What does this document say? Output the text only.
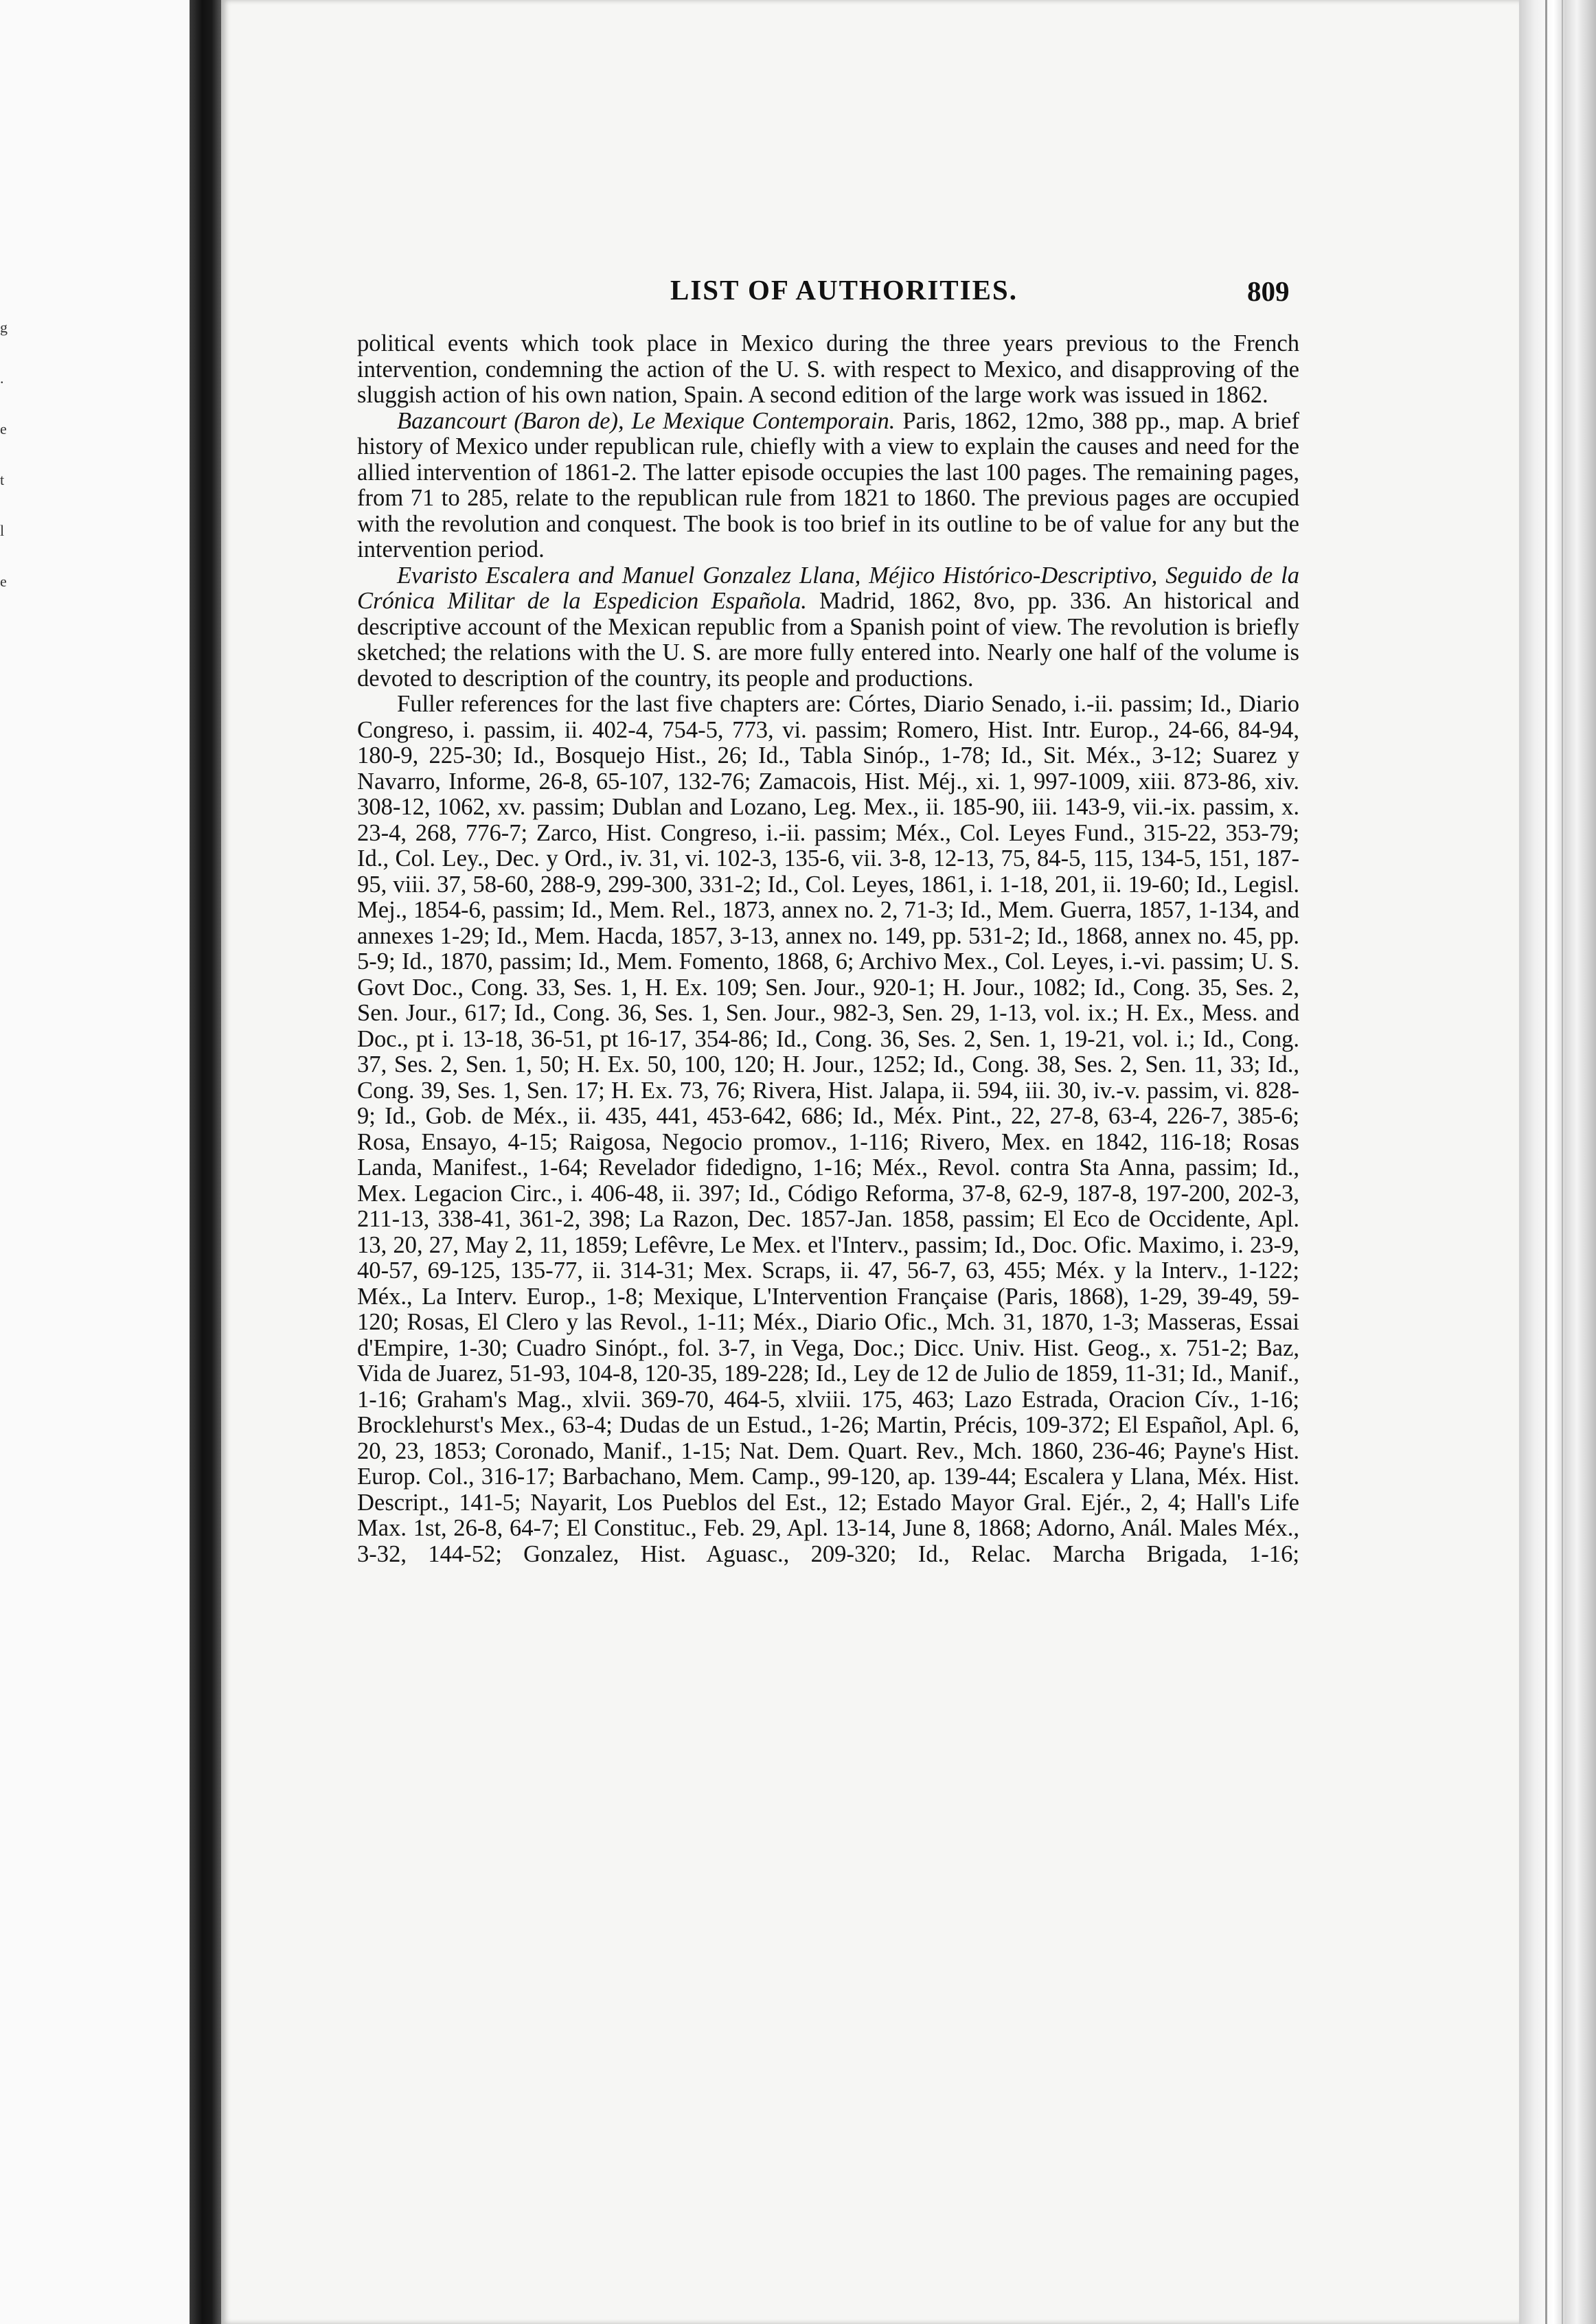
g
.
e
t
l
e
LIST OF AUTHORITIES.	809

political events which took place in Mexico during the three years previous to the French intervention, condemning the action of the U. S. with respect to Mexico, and disapproving of the sluggish action of his own nation, Spain. A second edition of the large work was issued in 1862.

Bazancourt (Baron de), Le Mexique Contemporain. Paris, 1862, 12mo, 388 pp., map. A brief history of Mexico under republican rule, chiefly with a view to explain the causes and need for the allied intervention of 1861-2. The latter episode occupies the last 100 pages. The remaining pages, from 71 to 285, relate to the republican rule from 1821 to 1860. The previous pages are occupied with the revolution and conquest. The book is too brief in its outline to be of value for any but the intervention period.

Evaristo Escalera and Manuel Gonzalez Llana, Méjico Histórico-Descriptivo, Seguido de la Crónica Militar de la Espedicion Española. Madrid, 1862, 8vo, pp. 336. An historical and descriptive account of the Mexican republic from a Spanish point of view. The revolution is briefly sketched; the relations with the U. S. are more fully entered into. Nearly one half of the volume is devoted to description of the country, its people and productions.

Fuller references for the last five chapters are: Córtes, Diario Senado, i.-ii. passim; Id., Diario Congreso, i. passim, ii. 402-4, 754-5, 773, vi. passim; Romero, Hist. Intr. Europ., 24-66, 84-94, 180-9, 225-30; Id., Bosquejo Hist., 26; Id., Tabla Sinóp., 1-78; Id., Sit. Méx., 3-12; Suarez y Navarro, Informe, 26-8, 65-107, 132-76; Zamacois, Hist. Méj., xi. 1, 997-1009, xiii. 873-86, xiv. 308-12, 1062, xv. passim; Dublan and Lozano, Leg. Mex., ii. 185-90, iii. 143-9, vii.-ix. passim, x. 23-4, 268, 776-7; Zarco, Hist. Congreso, i.-ii. passim; Méx., Col. Leyes Fund., 315-22, 353-79; Id., Col. Ley., Dec. y Ord., iv. 31, vi. 102-3, 135-6, vii. 3-8, 12-13, 75, 84-5, 115, 134-5, 151, 187-95, viii. 37, 58-60, 288-9, 299-300, 331-2; Id., Col. Leyes, 1861, i. 1-18, 201, ii. 19-60; Id., Legisl. Mej., 1854-6, passim; Id., Mem. Rel., 1873, annex no. 2, 71-3; Id., Mem. Guerra, 1857, 1-134, and annexes 1-29; Id., Mem. Hacda, 1857, 3-13, annex no. 149, pp. 531-2; Id., 1868, annex no. 45, pp. 5-9; Id., 1870, passim; Id., Mem. Fomento, 1868, 6; Archivo Mex., Col. Leyes, i.-vi. passim; U. S. Govt Doc., Cong. 33, Ses. 1, H. Ex. 109; Sen. Jour., 920-1; H. Jour., 1082; Id., Cong. 35, Ses. 2, Sen. Jour., 617; Id., Cong. 36, Ses. 1, Sen. Jour., 982-3, Sen. 29, 1-13, vol. ix.; H. Ex., Mess. and Doc., pt i. 13-18, 36-51, pt 16-17, 354-86; Id., Cong. 36, Ses. 2, Sen. 1, 19-21, vol. i.; Id., Cong. 37, Ses. 2, Sen. 1, 50; H. Ex. 50, 100, 120; H. Jour., 1252; Id., Cong. 38, Ses. 2, Sen. 11, 33; Id., Cong. 39, Ses. 1, Sen. 17; H. Ex. 73, 76; Rivera, Hist. Jalapa, ii. 594, iii. 30, iv.-v. passim, vi. 828-9; Id., Gob. de Méx., ii. 435, 441, 453-642, 686; Id., Méx. Pint., 22, 27-8, 63-4, 226-7, 385-6; Rosa, Ensayo, 4-15; Raigosa, Negocio promov., 1-116; Rivero, Mex. en 1842, 116-18; Rosas Landa, Manifest., 1-64; Revelador fidedigno, 1-16; Méx., Revol. contra Sta Anna, passim; Id., Mex. Legacion Circ., i. 406-48, ii. 397; Id., Código Reforma, 37-8, 62-9, 187-8, 197-200, 202-3, 211-13, 338-41, 361-2, 398; La Razon, Dec. 1857-Jan. 1858, passim; El Eco de Occidente, Apl. 13, 20, 27, May 2, 11, 1859; Lefêvre, Le Mex. et l'Interv., passim; Id., Doc. Ofic. Maximo, i. 23-9, 40-57, 69-125, 135-77, ii. 314-31; Mex. Scraps, ii. 47, 56-7, 63, 455; Méx. y la Interv., 1-122; Méx., La Interv. Europ., 1-8; Mexique, L'Intervention Française (Paris, 1868), 1-29, 39-49, 59-120; Rosas, El Clero y las Revol., 1-11; Méx., Diario Ofic., Mch. 31, 1870, 1-3; Masseras, Essai d'Empire, 1-30; Cuadro Sinópt., fol. 3-7, in Vega, Doc.; Dicc. Univ. Hist. Geog., x. 751-2; Baz, Vida de Juarez, 51-93, 104-8, 120-35, 189-228; Id., Ley de 12 de Julio de 1859, 11-31; Id., Manif., 1-16; Graham's Mag., xlvii. 369-70, 464-5, xlviii. 175, 463; Lazo Estrada, Oracion Cív., 1-16; Brocklehurst's Mex., 63-4; Dudas de un Estud., 1-26; Martin, Précis, 109-372; El Español, Apl. 6, 20, 23, 1853; Coronado, Manif., 1-15; Nat. Dem. Quart. Rev., Mch. 1860, 236-46; Payne's Hist. Europ. Col., 316-17; Barbachano, Mem. Camp., 99-120, ap. 139-44; Escalera y Llana, Méx. Hist. Descript., 141-5; Nayarit, Los Pueblos del Est., 12; Estado Mayor Gral. Ejér., 2, 4; Hall's Life Max. 1st, 26-8, 64-7; El Constituc., Feb. 29, Apl. 13-14, June 8, 1868; Adorno, Anál. Males Méx., 3-32, 144-52; Gonzalez, Hist. Aguasc., 209-320; Id., Relac. Marcha Brigada, 1-16;
